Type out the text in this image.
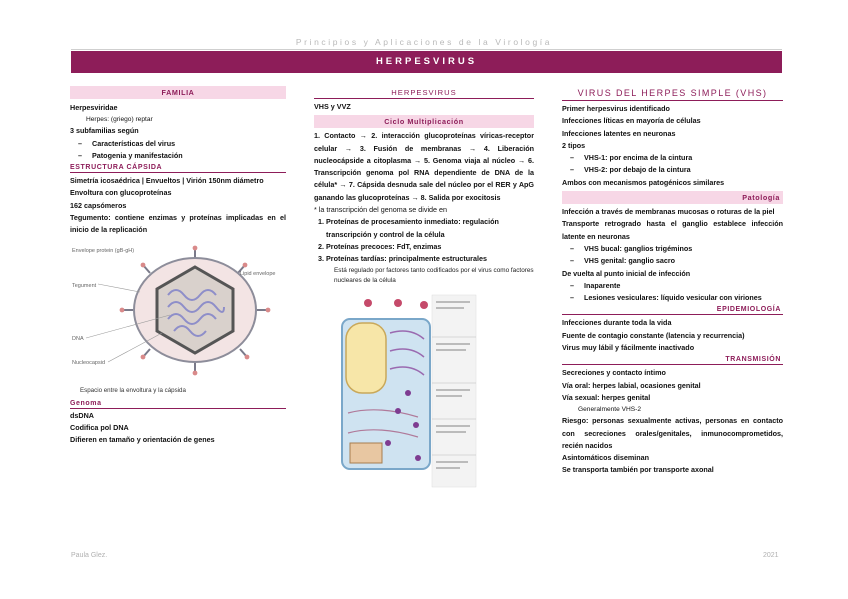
Principios y Aplicaciones de la Virología
HERPESVIRUS
FAMILIA
Herpesviridae
Herpes: (griego) reptar
3 subfamilias según
– Características del virus
– Patogenia y manifestación
ESTRUCTURA CÁPSIDA
Simetría icosaédrica | Envueltos | Virión 150nm diámetro
Envoltura con glucoproteínas
162 capsómeros
Tegumento: contiene enzimas y proteínas implicadas en el inicio de la replicación
Envelope protein (gB-gH)
Tegument
Lipid envelope
DNA
Nucleocapsid
Espacio entre la envoltura y la cápsida
Genoma
dsDNA
Codifica pol DNA
Difieren en tamaño y orientación de genes
HERPESVIRUS
VHS y VVZ
Ciclo Multiplicación
1. Contacto → 2. interacción glucoproteínas víricas-receptor celular → 3. Fusión de membranas → 4. Liberación nucleocápside a citoplasma → 5. Genoma viaja al núcleo → 6. Transcripción genoma pol RNA dependiente de DNA de la célula* → 7. Cápsida desnuda sale del núcleo por el RER y ApG ganando las glucoproteínas → 8. Salida por exocitosis
* la transcripción del genoma se divide en
1. Proteínas de procesamiento inmediato: regulación transcripción y control de la célula
2. Proteínas precoces: FdT, enzimas
3. Proteínas tardías: principalmente estructurales
Está regulado por factores tanto codificados por el virus como factores nucleares de la célula
VIRUS DEL HERPES SIMPLE (VHS)
Primer herpesvirus identificado
Infecciones líticas en mayoría de células
Infecciones latentes en neuronas
2 tipos
– VHS-1: por encima de la cintura
– VHS-2: por debajo de la cintura
Ambos con mecanismos patogénicos similares
Patología
Infección a través de membranas mucosas o roturas de la piel
Transporte retrogrado hasta el ganglio establece infección latente en neuronas
– VHS bucal: ganglios trigéminos
– VHS genital: ganglio sacro
De vuelta al punto inicial de infección
– Inaparente
– Lesiones vesiculares: líquido vesicular con viriones
EPIDEMIOLOGÍA
Infecciones durante toda la vida
Fuente de contagio constante (latencia y recurrencia)
Virus muy lábil y fácilmente inactivado
TRANSMISIÓN
Secreciones y contacto íntimo
Vía oral: herpes labial, ocasiones genital
Vía sexual: herpes genital
Generalmente VHS-2
Riesgo: personas sexualmente activas, personas en contacto con secreciones orales/genitales, inmunocomprometidos, recién nacidos
Asintomáticos diseminan
Se transporta también por transporte axonal
Paula Glez.	2021
